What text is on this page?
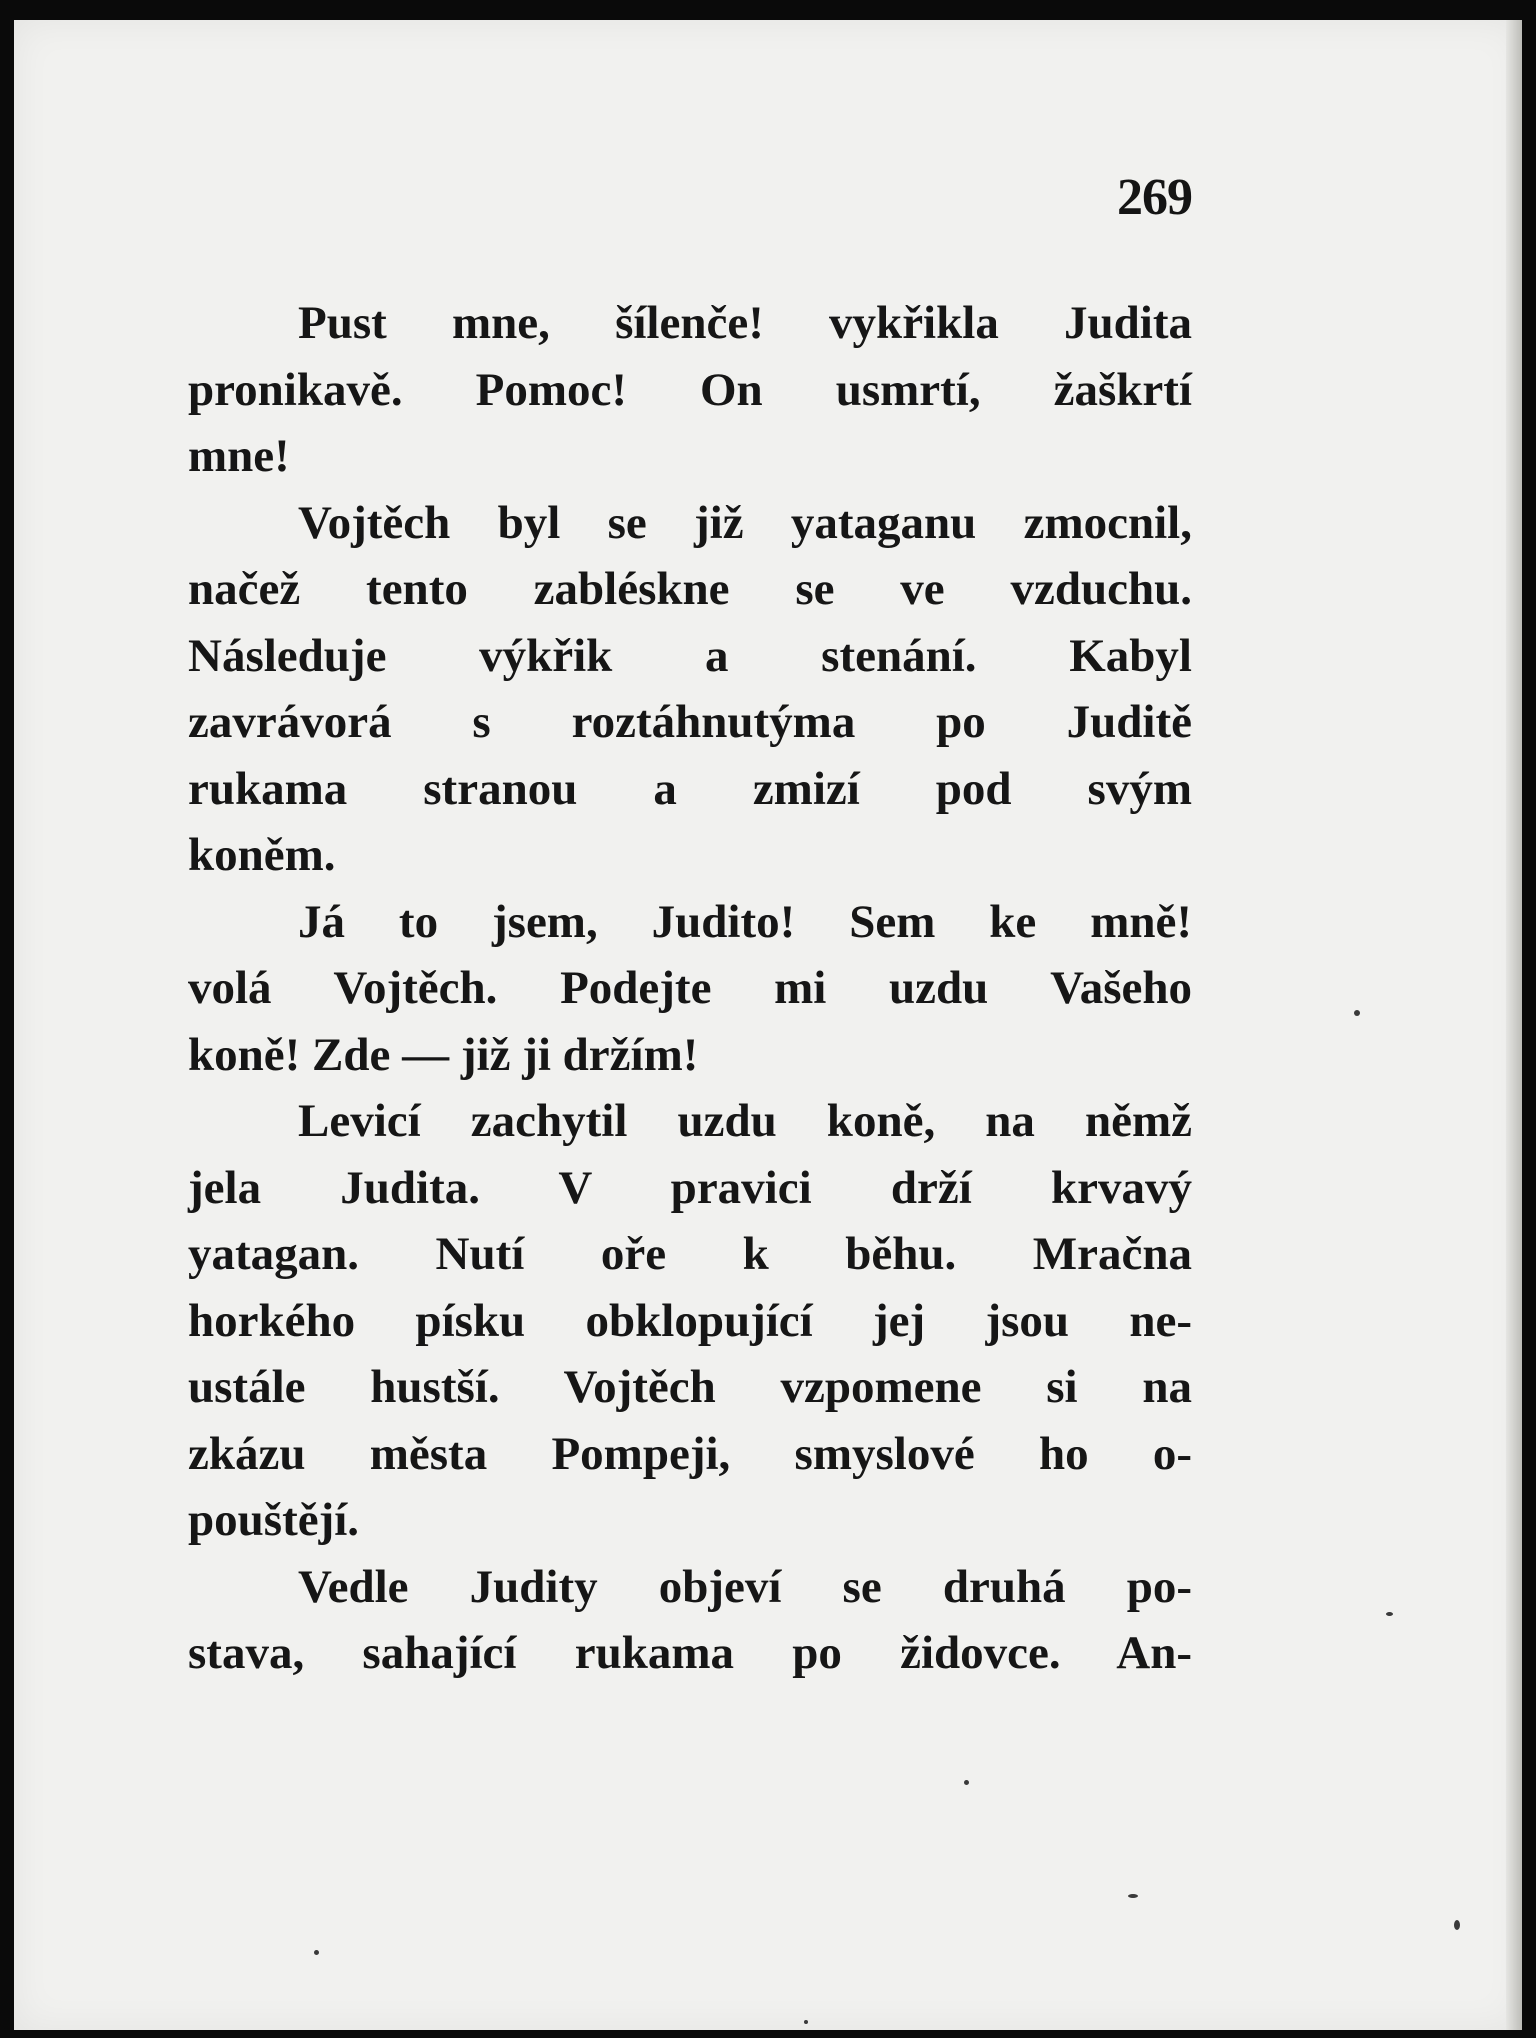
269
Pust mne, šílenče! vykřikla Judita
pronikavě. Pomoc! On usmrtí, žaškrtí
mne!
Vojtěch byl se již yataganu zmocnil,
načež tento zabléskne se ve vzduchu.
Následuje výkřik a stenání. Kabyl
zavrávorá s roztáhnutýma po Juditě
rukama stranou a zmizí pod svým
koněm.
Já to jsem, Judito! Sem ke mně!
volá Vojtěch. Podejte mi uzdu Vašeho
koně! Zde — již ji držím!
Levicí zachytil uzdu koně, na němž
jela Judita. V pravici drží krvavý
yatagan. Nutí oře k běhu. Mračna
horkého písku obklopující jej jsou ne-
ustále hustší. Vojtěch vzpomene si na
zkázu města Pompeji, smyslové ho o-
pouštějí.
Vedle Judity objeví se druhá po-
stava, sahající rukama po židovce. An-
